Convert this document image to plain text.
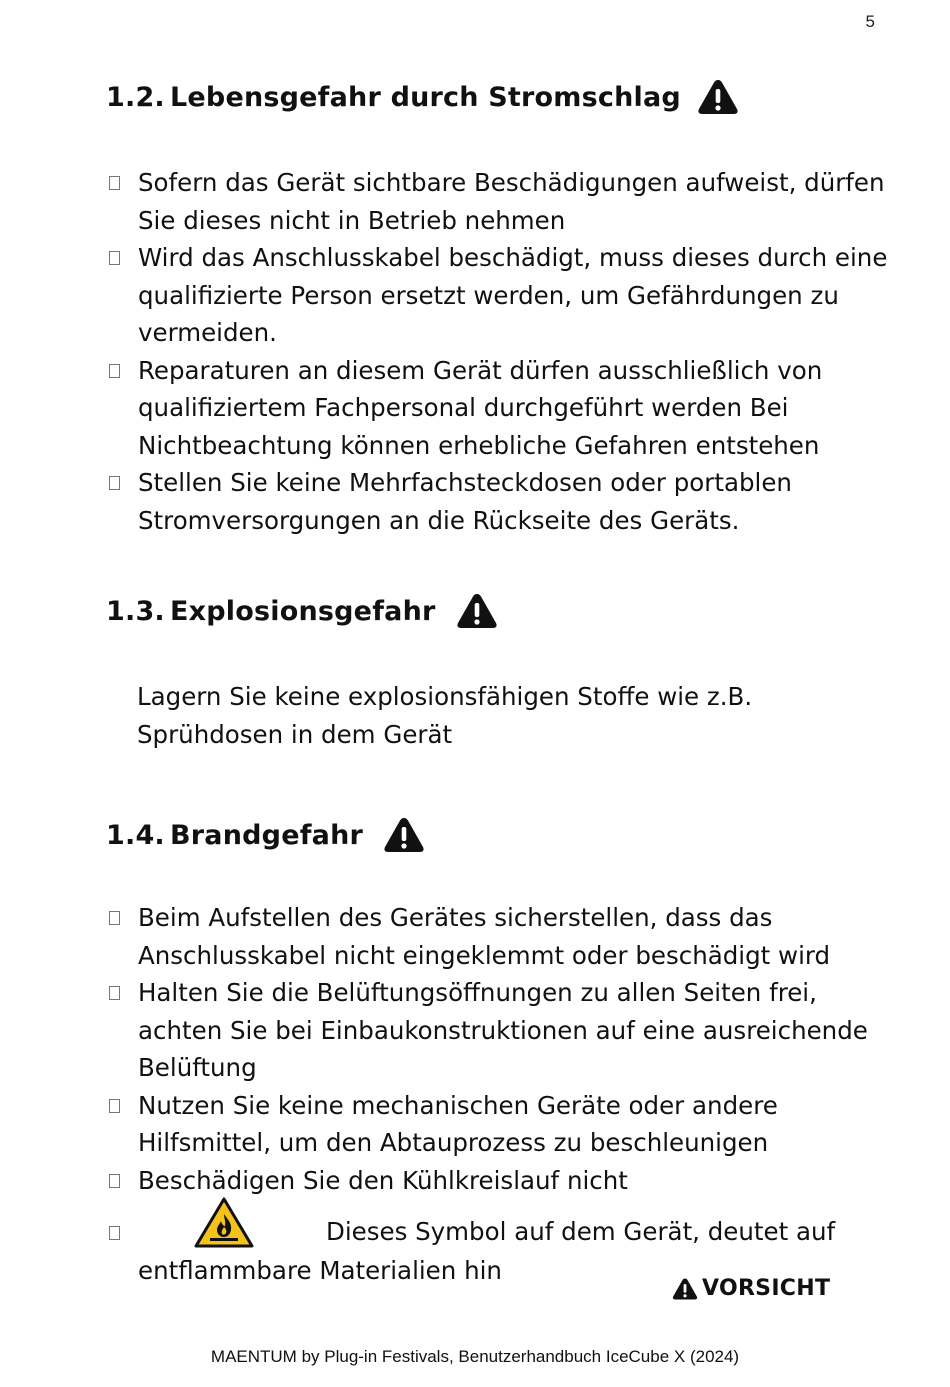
5
1.2. Lebensgefahr durch Stromschlag
Sofern das Gerät sichtbare Beschädigungen aufweist, dürfen Sie dieses nicht in Betrieb nehmen
Wird das Anschlusskabel beschädigt, muss dieses durch eine qualifizierte Person ersetzt werden, um Gefährdungen zu vermeiden.
Reparaturen an diesem Gerät dürfen ausschließlich von qualifiziertem Fachpersonal durchgeführt werden Bei Nichtbeachtung können erhebliche Gefahren entstehen
Stellen Sie keine Mehrfachsteckdosen oder portablen Stromversorgungen an die Rückseite des Geräts.
1.3. Explosionsgefahr
Lagern Sie keine explosionsfähigen Stoffe wie z.B. Sprühdosen in dem Gerät
1.4. Brandgefahr
Beim Aufstellen des Gerätes sicherstellen, dass das Anschlusskabel nicht eingeklemmt oder beschädigt wird
Halten Sie die Belüftungsöffnungen zu allen Seiten frei, achten Sie bei Einbaukonstruktionen auf eine ausreichende Belüftung
Nutzen Sie keine mechanischen Geräte oder andere Hilfsmittel, um den Abtauprozess zu beschleunigen
Beschädigen Sie den Kühlkreislauf nicht
Dieses Symbol auf dem Gerät, deutet auf
entflammbare Materialien hin
VORSICHT
MAENTUM by Plug-in Festivals, Benutzerhandbuch IceCube X (2024)
